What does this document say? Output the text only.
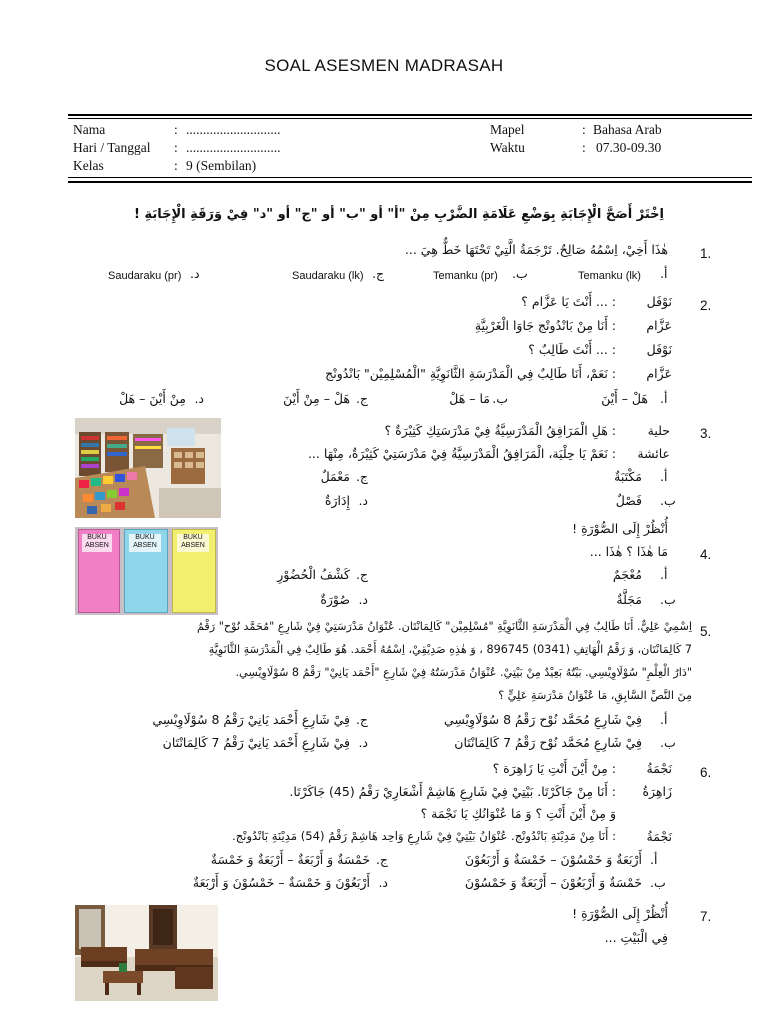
SOAL ASESMEN MADRASAH
Nama	: ............................
Hari / Tanggal : ............................
Kelas	: 9 (Sembilan)
Mapel	: Bahasa Arab
Waktu	: 07.30-09.30
اِخْتَرْ أَصَحَّ الْإِجَابَةِ بِوَضْعِ عَلَامَةِ الضَّرْبِ مِنْ "أ" أو "ب" أو "ج" أو "د" فِيْ وَرَقَةِ الْإِجَابَةِ !
1.
هٰذَا أَخِيْ، اِسْمُهُ صَالِحٌ. تَرْجَمَةُ الَّتِيْ تَحْتَهَا خَطٌّ هِيَ ...
أ.
Temanku (lk)
ب.
Temanku (pr)
ج.
Saudaraku (lk)
د.
Saudaraku (pr)
2.
نَوْفَل
: ... أَنْتَ يَا عَزَّام ؟
عَزَّام
: أَنَا مِنْ بَانْدُونْج جَاوَا الْغَرْبِيَّةِ
نَوْفَل
: ... أَنْتَ طَالِبٌ ؟
عَزَّام
: نَعَمْ، أَنَا طَالِبٌ فِي الْمَدْرَسَةِ الثَّانَوِيَّةِ "الْمُسْلِمِيْن" بَانْدُونْج
أ.
هَلْ – أَيْنَ
ب.
مَا – هَلْ
ج.
هَلْ – مِنْ أَيْنَ
د.
مِنْ أَيْنَ – هَلْ
3.
حلية
: هَلِ الْمَرَافِقُ الْمَدْرَسِيَّةُ فِيْ مَدْرَسَتِكِ كَثِيْرَةٌ ؟
عائشة
: نَعَمْ يَا حِلْيَة، الْمَرَافِقُ الْمَدْرَسِيَّةُ فِيْ مَدْرَسَتِيْ كَثِيْرَةٌ، مِنْهَا ...
أ.
مَكْتَبَةٌ
ج.
مَعْمَلٌ
ب.
فَصْلٌ
د.
إِدَارَةٌ
BUKU ABSEN
BUKU ABSEN
BUKU ABSEN
أُنْظُرْ إِلَى الصُّوْرَةِ !
4.
مَا هٰذَا ؟ هٰذَا ...
أ.
مُعْجَمٌ
ج.
كَشْفُ الْحُضُوْرِ
ب.
مَجَلَّةٌ
د.
صُوْرَةٌ
5.
اِسْمِيْ عَلِيٌّ. أَنَا طَالِبٌ فِي الْمَدْرَسَةِ الثَّانَوِيَّةِ "مُسْلِمِيْن" كَالِمَانْتَان. عُنْوَانُ مَدْرَسَتِيْ فِيْ شَارِعِ "مُحَمَّد نُوْح" رَقْمُ
7 كَالِمَانْتَان، وَ رَقْمُ الْهَاتِفِ (0341) 896745 ، وَ هٰذِهِ صَدِيْقِيْ، اِسْمُهُ أَحْمَد. هُوَ طَالِبٌ فِي الْمَدْرَسَةِ الثَّانَوِيَّةِ
"دَارُ الْعِلْمِ" سُوْلَاوِيْسِي. بَيْتُهُ بَعِيْدٌ مِنْ بَيْتِيْ. عُنْوَانُ مَدْرَسَتُهُ فِيْ شَارِعِ "أَحْمَد يَانِيْ" رَقْمُ 8 سُوْلَاوِيْسِي.
مِنَ النَّصِّ السَّابِقِ، مَا عُنْوَانُ مَدْرَسَةِ عَلِيٍّ ؟
أ.
فِيْ شَارِعِ مُحَمَّد نُوْح رَقْمُ 8 سُوْلَاوِيْسِي
ج.
فِيْ شَارِعِ أَحْمَد يَانِيْ رَقْمُ 8 سُوْلَاوِيْسِي
ب.
فِيْ شَارِعِ مُحَمَّد نُوْح رَقْمُ 7 كَالِمَانْتَان
د.
فِيْ شَارِعِ أَحْمَد يَانِيْ رَقْمُ 7 كَالِمَانْتَان
6.
نَجْمَةُ
: مِنْ أَيْنَ أَنْتِ يَا زَاهِرَة ؟
زَاهِرَةُ
: أَنَا مِنْ جَاكَرْتَا. بَيْتِيْ فِيْ شَارِعِ هَاشِمْ أَشْعَارِيْ رَقْمُ (45) جَاكَرْتَا.
وَ مِنْ أَيْنَ أَنْتِ ؟ وَ مَا عُنْوَانُكِ يَا نَجْمَة ؟
نَجْمَةُ
: أَنَا مِنْ مَدِيْنَةِ بَانْدُونْج. عُنْوَانُ بَيْتِيْ فِيْ شَارِعِ وَاحِد هَاشِمْ رَقْمُ (54) مَدِيْنَةِ بَانْدُونْج.
أ.
أَرْبَعَةٌ وَ خَمْسُوْنَ – خَمْسَةٌ وَ أَرْبَعُوْنَ
ج.
خَمْسَةٌ وَ أَرْبَعَةٌ – أَرْبَعَةٌ وَ خَمْسَةٌ
ب.
خَمْسَةٌ وَ أَرْبَعُوْنَ – أَرْبَعَةٌ وَ خَمْسُوْنَ
د.
أَرْبَعُوْنَ وَ خَمْسَةٌ – خَمْسُوْنَ وَ أَرْبَعَةٌ
7.
أُنْظُرْ إِلَى الصُّوْرَةِ !
فِي الْبَيْتِ ...
